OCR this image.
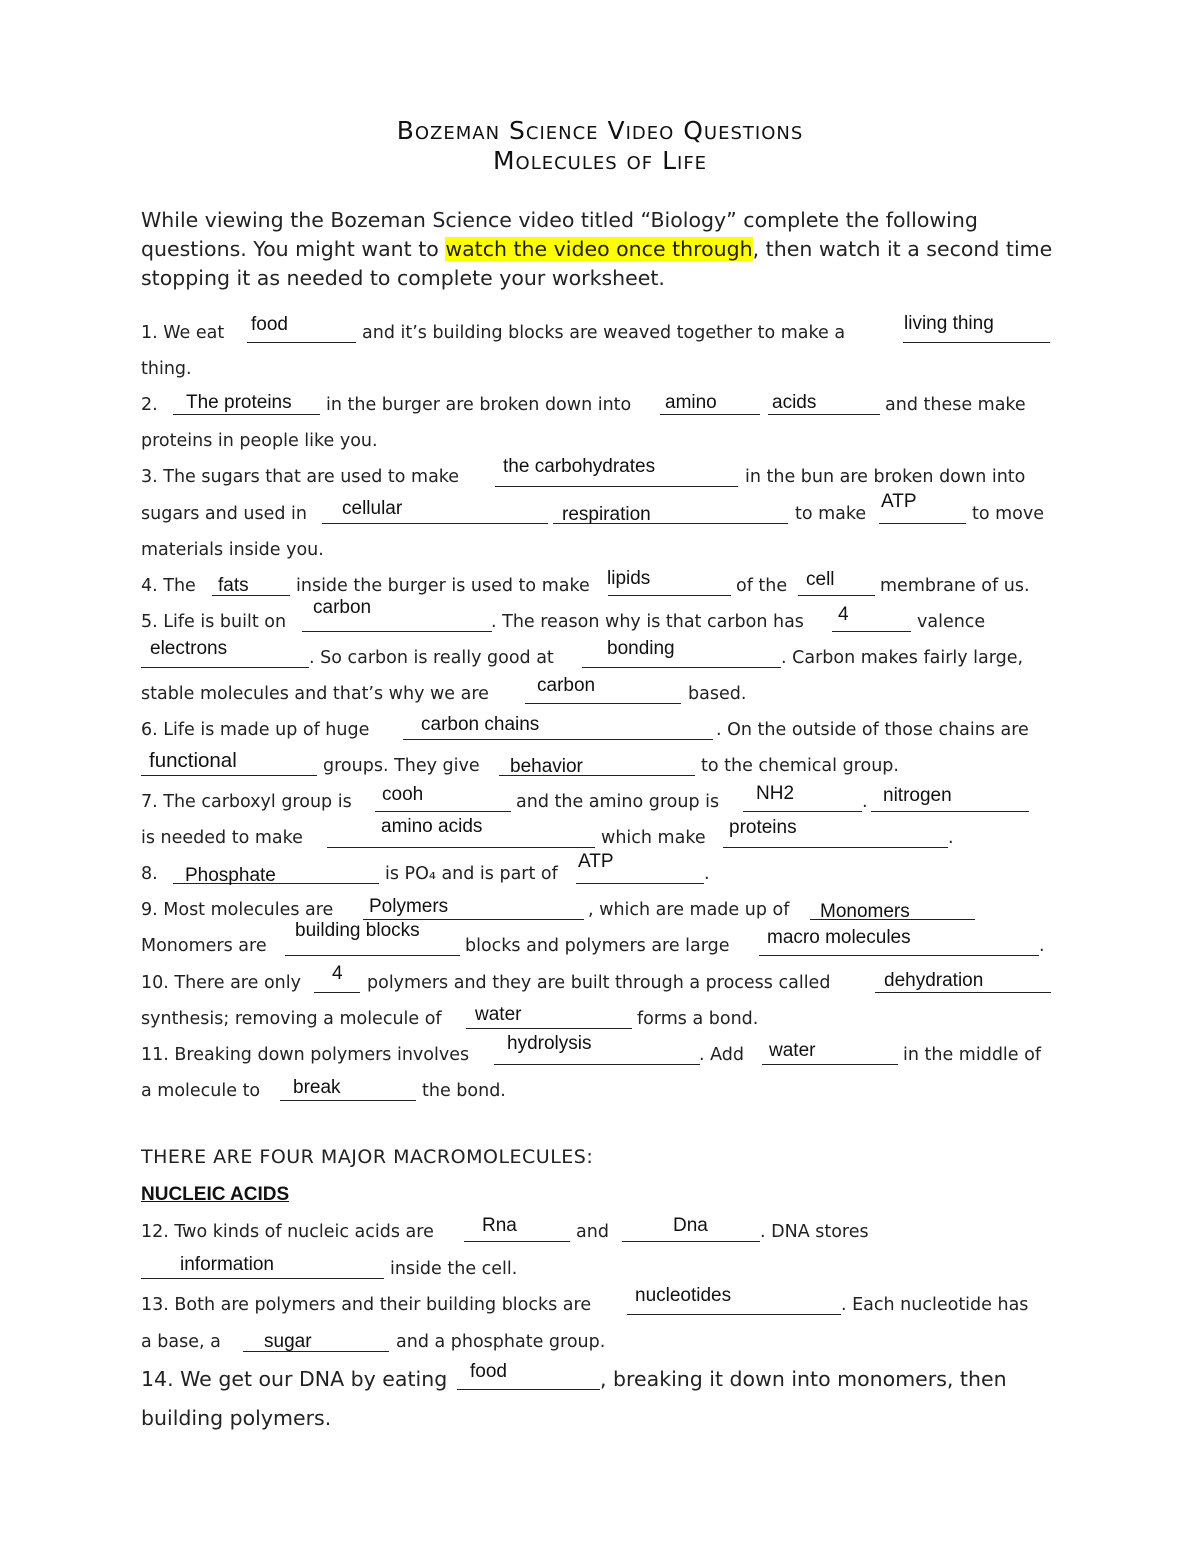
Bozeman Science Video Questions
Molecules of Life
While viewing the Bozeman Science video titled “Biology” complete the following questions. You might want to watch the video once through, then watch it a second time stopping it as needed to complete your worksheet.
1. We eat food	and it’s building blocks are weaved together to make a	living thing
thing.
2. The proteins in the burger are broken down into amino	acids	and these make
proteins in people like you.
3. The sugars that are used to make the carbohydrates	in the bun are broken down into
sugars and used in cellular	respiration	to make
ATP
to move
materials inside you.
4. The fats	inside the burger is used to make lipids	of the cell	membrane of us.
5. Life is built on
carbon
. The reason why is that carbon has 4	valence
electrons	. So carbon is really good at	bonding	. Carbon makes fairly large,
stable molecules and that’s why we are	carbon	based.
6. Life is made up of huge	carbon chains	. On the outside of those chains are
functional	groups. They give behavior	to the chemical group.
7. The carboxyl group is cooh	and the amino group is NH2	. nitrogen
is needed to make
amino acids
which make proteins	.
8. Phosphate	is PO₄ and is part of
ATP
.
9. Most molecules are Polymers	, which are made up of Monomers
Monomers are
building blocks
blocks and polymers are large macro molecules	.
10. There are only 4 polymers and they are built through a process called	dehydration
synthesis; removing a molecule of water	forms a bond.
11. Breaking down polymers involves
hydrolysis
. Add water	in the middle of
a molecule to break	the bond.
THERE ARE FOUR MAJOR MACROMOLECULES:
NUCLEIC ACIDS
12. Two kinds of nucleic acids are	Rna	and	Dna	. DNA stores
information	inside the cell.
13. Both are polymers and their building blocks are nucleotides	. Each nucleotide has
a base, a sugar	and a phosphate group.
14. We get our DNA by eating food	, breaking it down into monomers, then
building polymers.
